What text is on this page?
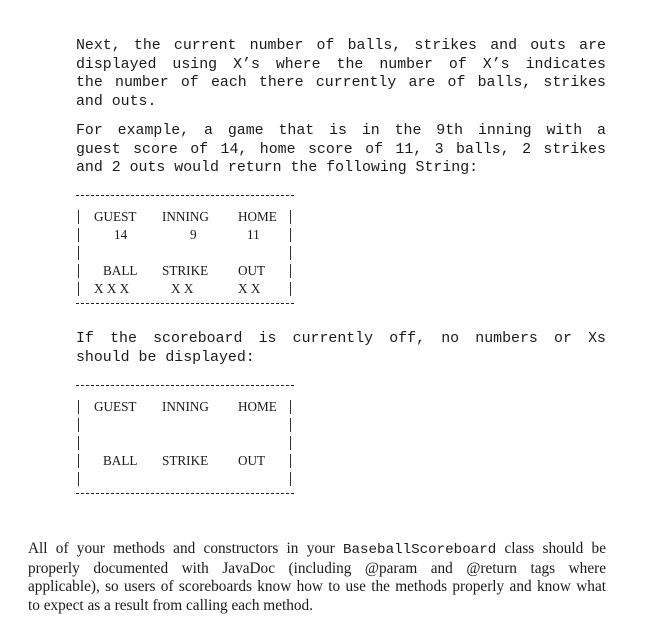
Next, the current number of balls, strikes and outs are
displayed using X’s where the number of X’s indicates
the number of each there currently are of balls, strikes
and outs.
For example, a game that is in the 9th inning with a
guest score of 14, home score of 11, 3 balls, 2 strikes
and 2 outs would return the following String:
GUEST INNING HOME
14	9	11
BALL STRIKE OUT
X X X	X X	X X
If the scoreboard is currently off, no numbers or Xs
should be displayed:
GUEST INNING HOME
BALL STRIKE OUT
All of your methods and constructors in your BaseballScoreboard class should be
properly documented with JavaDoc (including @param and @return tags where
applicable), so users of scoreboards know how to use the methods properly and know what
to expect as a result from calling each method.
